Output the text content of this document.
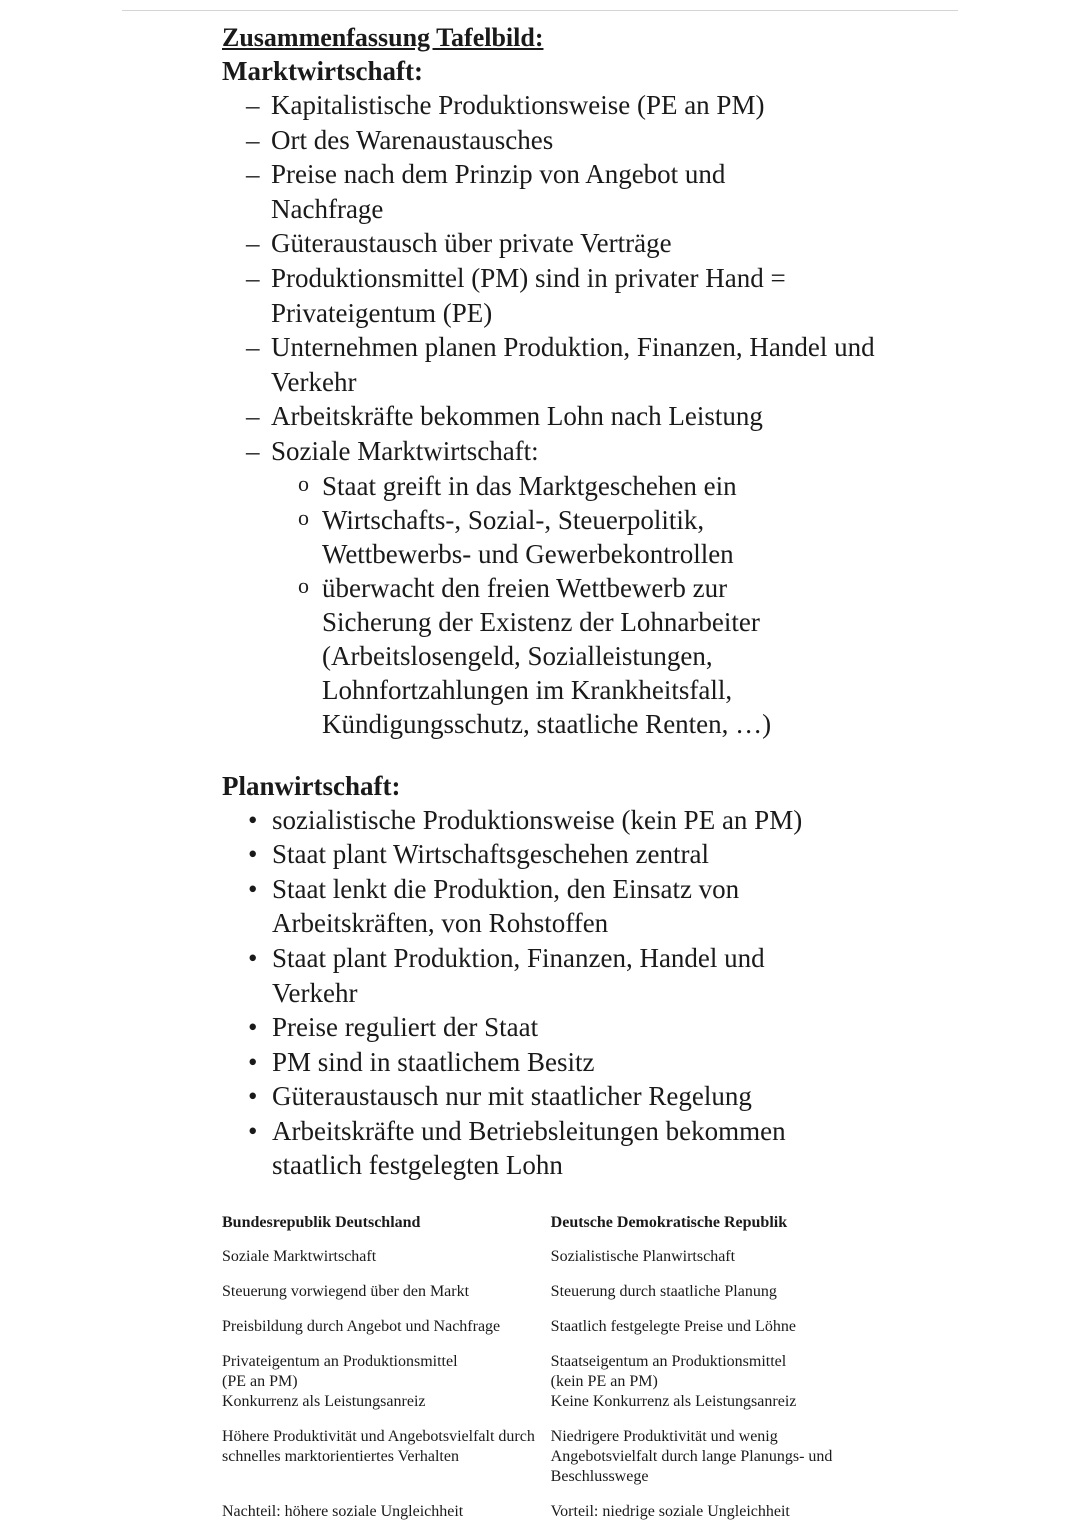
Zusammenfassung Tafelbild:

Marktwirtschaft:

– Kapitalistische Produktionsweise (PE an PM)
– Ort des Warenaustausches
– Preise nach dem Prinzip von Angebot und Nachfrage
– Güteraustausch über private Verträge
– Produktionsmittel (PM) sind in privater Hand = Privateigentum (PE)
– Unternehmen planen Produktion, Finanzen, Handel und Verkehr
– Arbeitskräfte bekommen Lohn nach Leistung
– Soziale Marktwirtschaft:
o Staat greift in das Marktgeschehen ein
o Wirtschafts-, Sozial-, Steuerpolitik, Wettbewerbs- und Gewerbekontrollen
o überwacht den freien Wettbewerb zur Sicherung der Existenz der Lohnarbeiter (Arbeitslosengeld, Sozialleistungen, Lohnfortzahlungen im Krankheitsfall, Kündigungsschutz, staatliche Renten, …)

Planwirtschaft:

• sozialistische Produktionsweise (kein PE an PM)
• Staat plant Wirtschaftsgeschehen zentral
• Staat lenkt die Produktion, den Einsatz von Arbeitskräften, von Rohstoffen
• Staat plant Produktion, Finanzen, Handel und Verkehr
• Preise reguliert der Staat
• PM sind in staatlichem Besitz
• Güteraustausch nur mit staatlicher Regelung
• Arbeitskräfte und Betriebsleitungen bekommen staatlich festgelegten Lohn
Bundesrepublik Deutschland	Deutsche Demokratische Republik
Soziale Marktwirtschaft	Sozialistische Planwirtschaft
Steuerung vorwiegend über den Markt	Steuerung durch staatliche Planung
Preisbildung durch Angebot und Nachfrage	Staatlich festgelegte Preise und Löhne
Privateigentum an Produktionsmittel (PE an PM)	Staatseigentum an Produktionsmittel (kein PE an PM)
Konkurrenz als Leistungsanreiz	Keine Konkurrenz als Leistungsanreiz
Höhere Produktivität und Angebotsvielfalt durch schnelles marktorientiertes Verhalten	Niedrigere Produktivität und wenig Angebotsvielfalt durch lange Planungs- und Beschlusswege
Nachteil: höhere soziale Ungleichheit	Vorteil: niedrige soziale Ungleichheit
